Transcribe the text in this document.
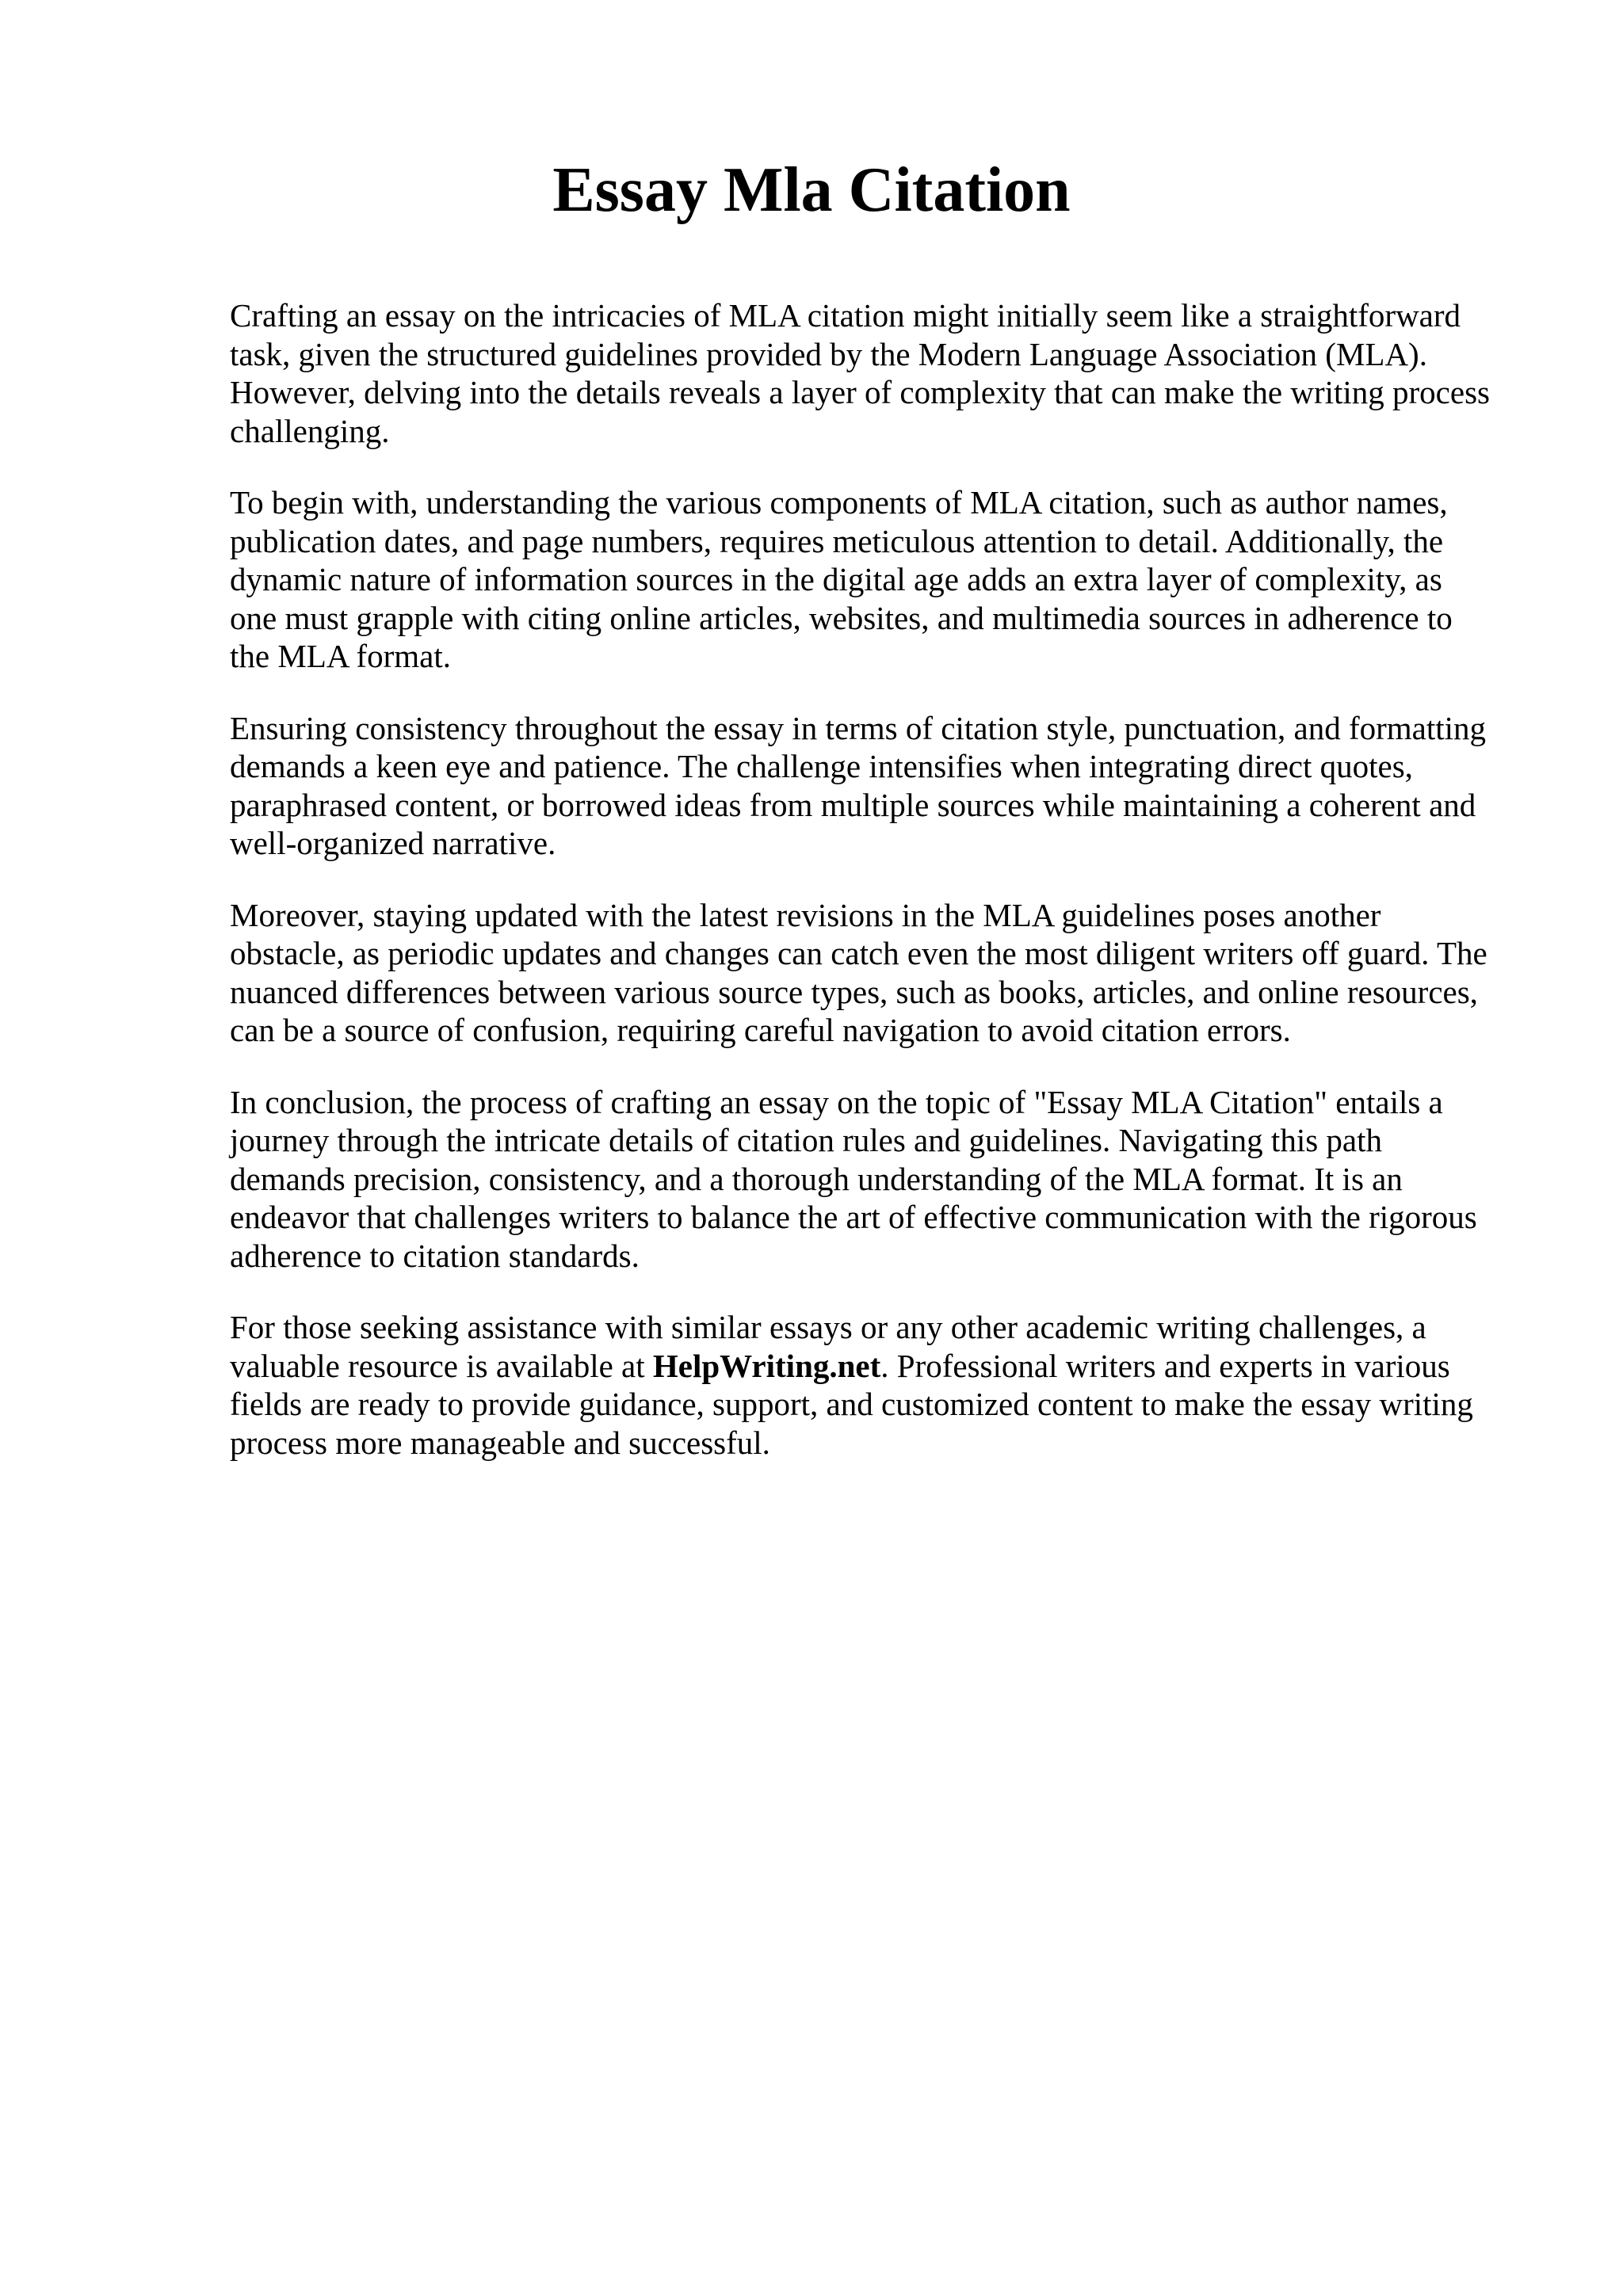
Essay Mla Citation

Crafting an essay on the intricacies of MLA citation might initially seem like a straightforward
task, given the structured guidelines provided by the Modern Language Association (MLA).
However, delving into the details reveals a layer of complexity that can make the writing process
challenging.

To begin with, understanding the various components of MLA citation, such as author names,
publication dates, and page numbers, requires meticulous attention to detail. Additionally, the
dynamic nature of information sources in the digital age adds an extra layer of complexity, as
one must grapple with citing online articles, websites, and multimedia sources in adherence to
the MLA format.

Ensuring consistency throughout the essay in terms of citation style, punctuation, and formatting
demands a keen eye and patience. The challenge intensifies when integrating direct quotes,
paraphrased content, or borrowed ideas from multiple sources while maintaining a coherent and
well-organized narrative.

Moreover, staying updated with the latest revisions in the MLA guidelines poses another
obstacle, as periodic updates and changes can catch even the most diligent writers off guard. The
nuanced differences between various source types, such as books, articles, and online resources,
can be a source of confusion, requiring careful navigation to avoid citation errors.

In conclusion, the process of crafting an essay on the topic of "Essay MLA Citation" entails a
journey through the intricate details of citation rules and guidelines. Navigating this path
demands precision, consistency, and a thorough understanding of the MLA format. It is an
endeavor that challenges writers to balance the art of effective communication with the rigorous
adherence to citation standards.

For those seeking assistance with similar essays or any other academic writing challenges, a
valuable resource is available at HelpWriting.net. Professional writers and experts in various
fields are ready to provide guidance, support, and customized content to make the essay writing
process more manageable and successful.
